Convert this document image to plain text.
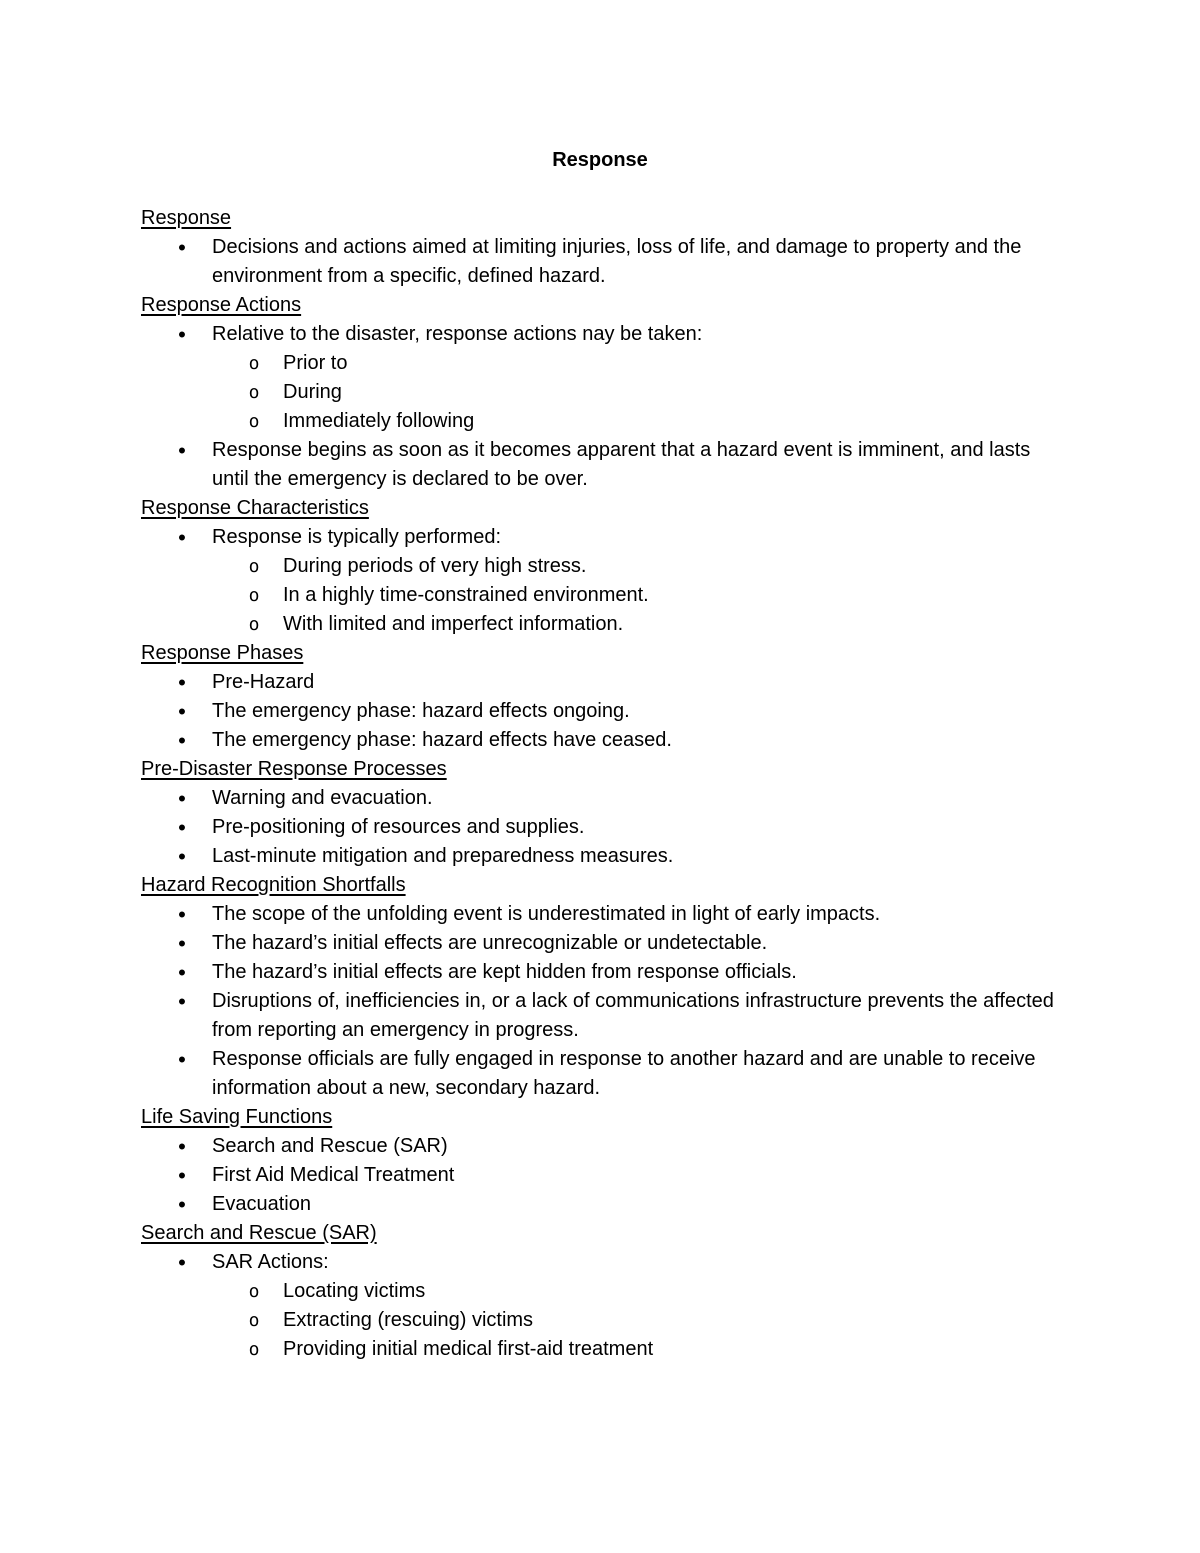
Response
Response
• Decisions and actions aimed at limiting injuries, loss of life, and damage to property and the environment from a specific, defined hazard.
Response Actions
• Relative to the disaster, response actions nay be taken:
o Prior to
o During
o Immediately following
• Response begins as soon as it becomes apparent that a hazard event is imminent, and lasts until the emergency is declared to be over.
Response Characteristics
• Response is typically performed:
o During periods of very high stress.
o In a highly time-constrained environment.
o With limited and imperfect information.
Response Phases
• Pre-Hazard
• The emergency phase: hazard effects ongoing.
• The emergency phase: hazard effects have ceased.
Pre-Disaster Response Processes
• Warning and evacuation.
• Pre-positioning of resources and supplies.
• Last-minute mitigation and preparedness measures.
Hazard Recognition Shortfalls
• The scope of the unfolding event is underestimated in light of early impacts.
• The hazard’s initial effects are unrecognizable or undetectable.
• The hazard’s initial effects are kept hidden from response officials.
• Disruptions of, inefficiencies in, or a lack of communications infrastructure prevents the affected from reporting an emergency in progress.
• Response officials are fully engaged in response to another hazard and are unable to receive information about a new, secondary hazard.
Life Saving Functions
• Search and Rescue (SAR)
• First Aid Medical Treatment
• Evacuation
Search and Rescue (SAR)
• SAR Actions:
o Locating victims
o Extracting (rescuing) victims
o Providing initial medical first-aid treatment
